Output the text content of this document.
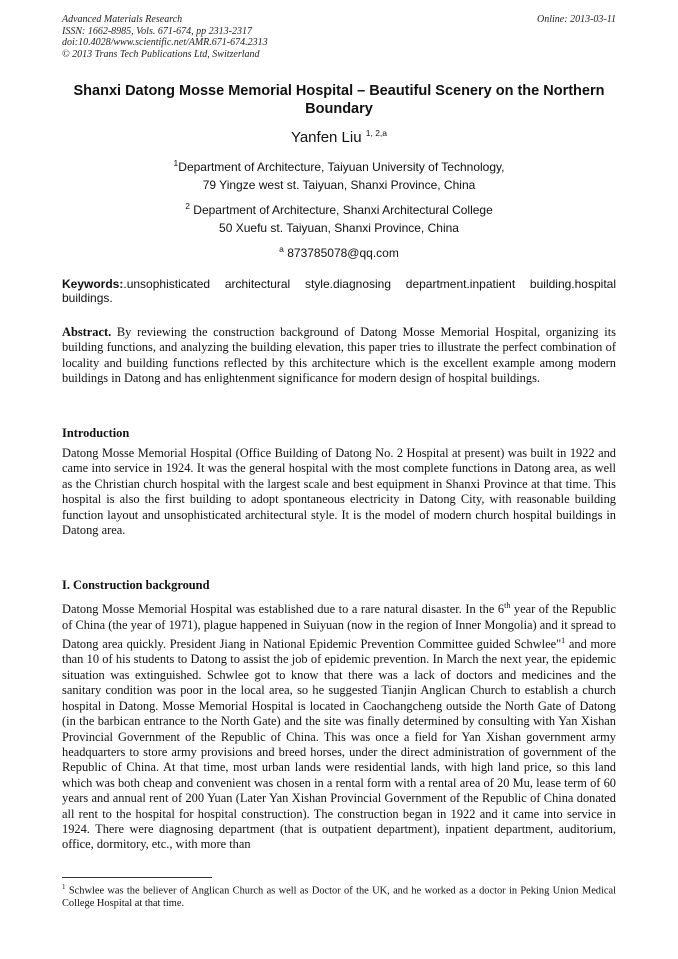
Advanced Materials Research
ISSN: 1662-8985, Vols. 671-674, pp 2313-2317
doi:10.4028/www.scientific.net/AMR.671-674.2313
© 2013 Trans Tech Publications Ltd, Switzerland
Online: 2013-03-11
Shanxi Datong Mosse Memorial Hospital – Beautiful Scenery on the Northern Boundary
Yanfen Liu $^{1, 2,a}$
$^1$Department of Architecture, Taiyuan University of Technology,
79 Yingze west st. Taiyuan, Shanxi Province, China
$^2$ Department of Architecture, Shanxi Architectural College
50 Xuefu st. Taiyuan, Shanxi Province, China
$^a$ 873785078@qq.com
Keywords:.unsophisticated architectural style.diagnosing department.inpatient building.hospital buildings.
Abstract. By reviewing the construction background of Datong Mosse Memorial Hospital, organizing its building functions, and analyzing the building elevation, this paper tries to illustrate the perfect combination of locality and building functions reflected by this architecture which is the excellent example among modern buildings in Datong and has enlightenment significance for modern design of hospital buildings.
Introduction
Datong Mosse Memorial Hospital (Office Building of Datong No. 2 Hospital at present) was built in 1922 and came into service in 1924. It was the general hospital with the most complete functions in Datong area, as well as the Christian church hospital with the largest scale and best equipment in Shanxi Province at that time. This hospital is also the first building to adopt spontaneous electricity in Datong City, with reasonable building function layout and unsophisticated architectural style. It is the model of modern church hospital buildings in Datong area.
I. Construction background
Datong Mosse Memorial Hospital was established due to a rare natural disaster. In the 6th year of the Republic of China (the year of 1971), plague happened in Suiyuan (now in the region of Inner Mongolia) and it spread to Datong area quickly. President Jiang in National Epidemic Prevention Committee guided Schwlee"$^1$ and more than 10 of his students to Datong to assist the job of epidemic prevention. In March the next year, the epidemic situation was extinguished. Schwlee got to know that there was a lack of doctors and medicines and the sanitary condition was poor in the local area, so he suggested Tianjin Anglican Church to establish a church hospital in Datong. Mosse Memorial Hospital is located in Caochangcheng outside the North Gate of Datong (in the barbican entrance to the North Gate) and the site was finally determined by consulting with Yan Xishan Provincial Government of the Republic of China. This was once a field for Yan Xishan government army headquarters to store army provisions and breed horses, under the direct administration of government of the Republic of China. At that time, most urban lands were residential lands, with high land price, so this land which was both cheap and convenient was chosen in a rental form with a rental area of 20 Mu, lease term of 60 years and annual rent of 200 Yuan (Later Yan Xishan Provincial Government of the Republic of China donated all rent to the hospital for hospital construction). The construction began in 1922 and it came into service in 1924. There were diagnosing department (that is outpatient department), inpatient department, auditorium, office, dormitory, etc., with more than
$^1$ Schwlee was the believer of Anglican Church as well as Doctor of the UK, and he worked as a doctor in Peking Union Medical College Hospital at that time.
